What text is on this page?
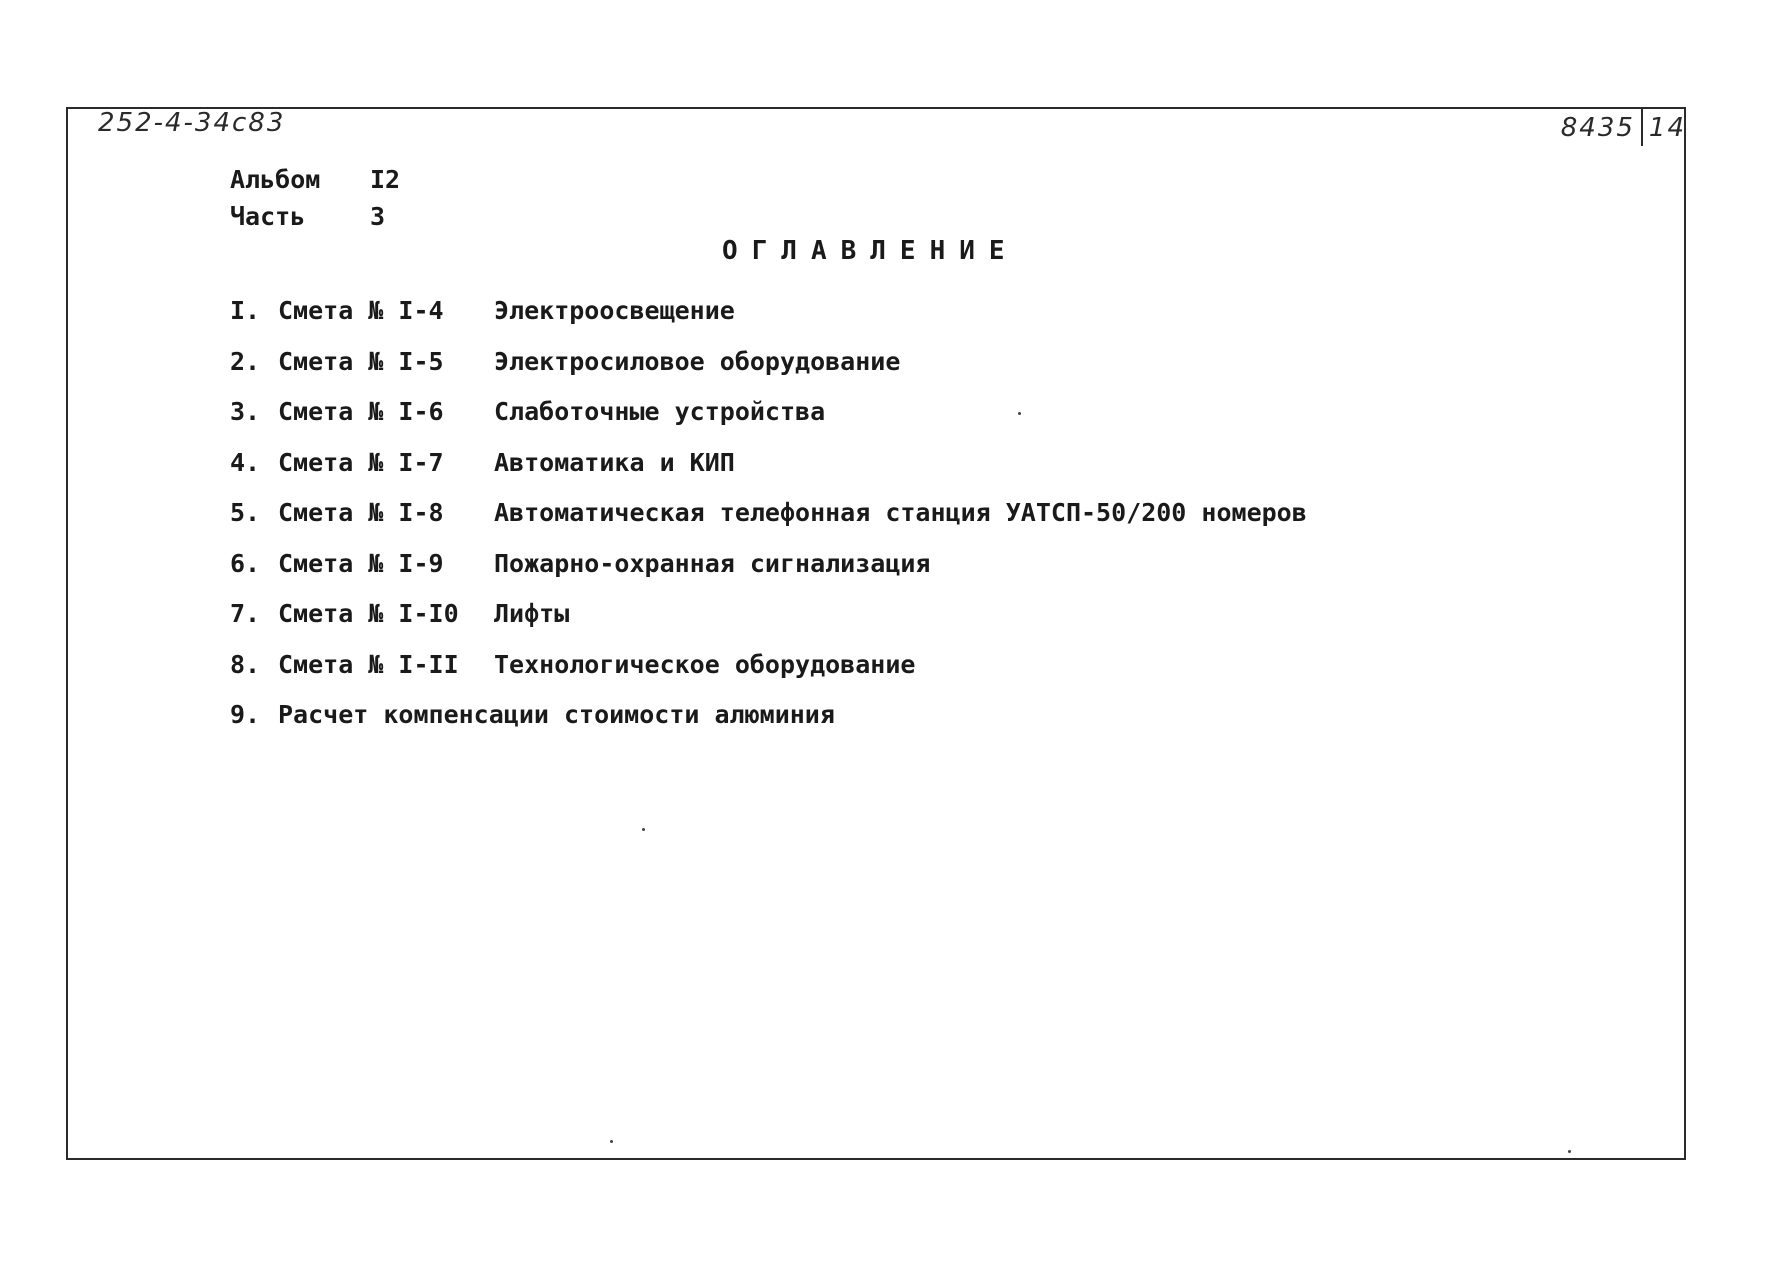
252-4-34с83	8435 14
Альбом I2
Часть	3
ОГЛАВЛЕНИЕ
I. Смета № I-4 Электроосвещение
2. Смета № I-5 Электросиловое оборудование
3. Смета № I-6 Слаботочные устройства
4. Смета № I-7 Автоматика и КИП
5. Смета № I-8 Автоматическая телефонная станция УАТСП-50/200 номеров
6. Смета № I-9 Пожарно-охранная сигнализация
7. Смета № I-I0 Лифты
8. Смета № I-II Технологическое оборудование
9. Расчет компенсации стоимости алюминия
